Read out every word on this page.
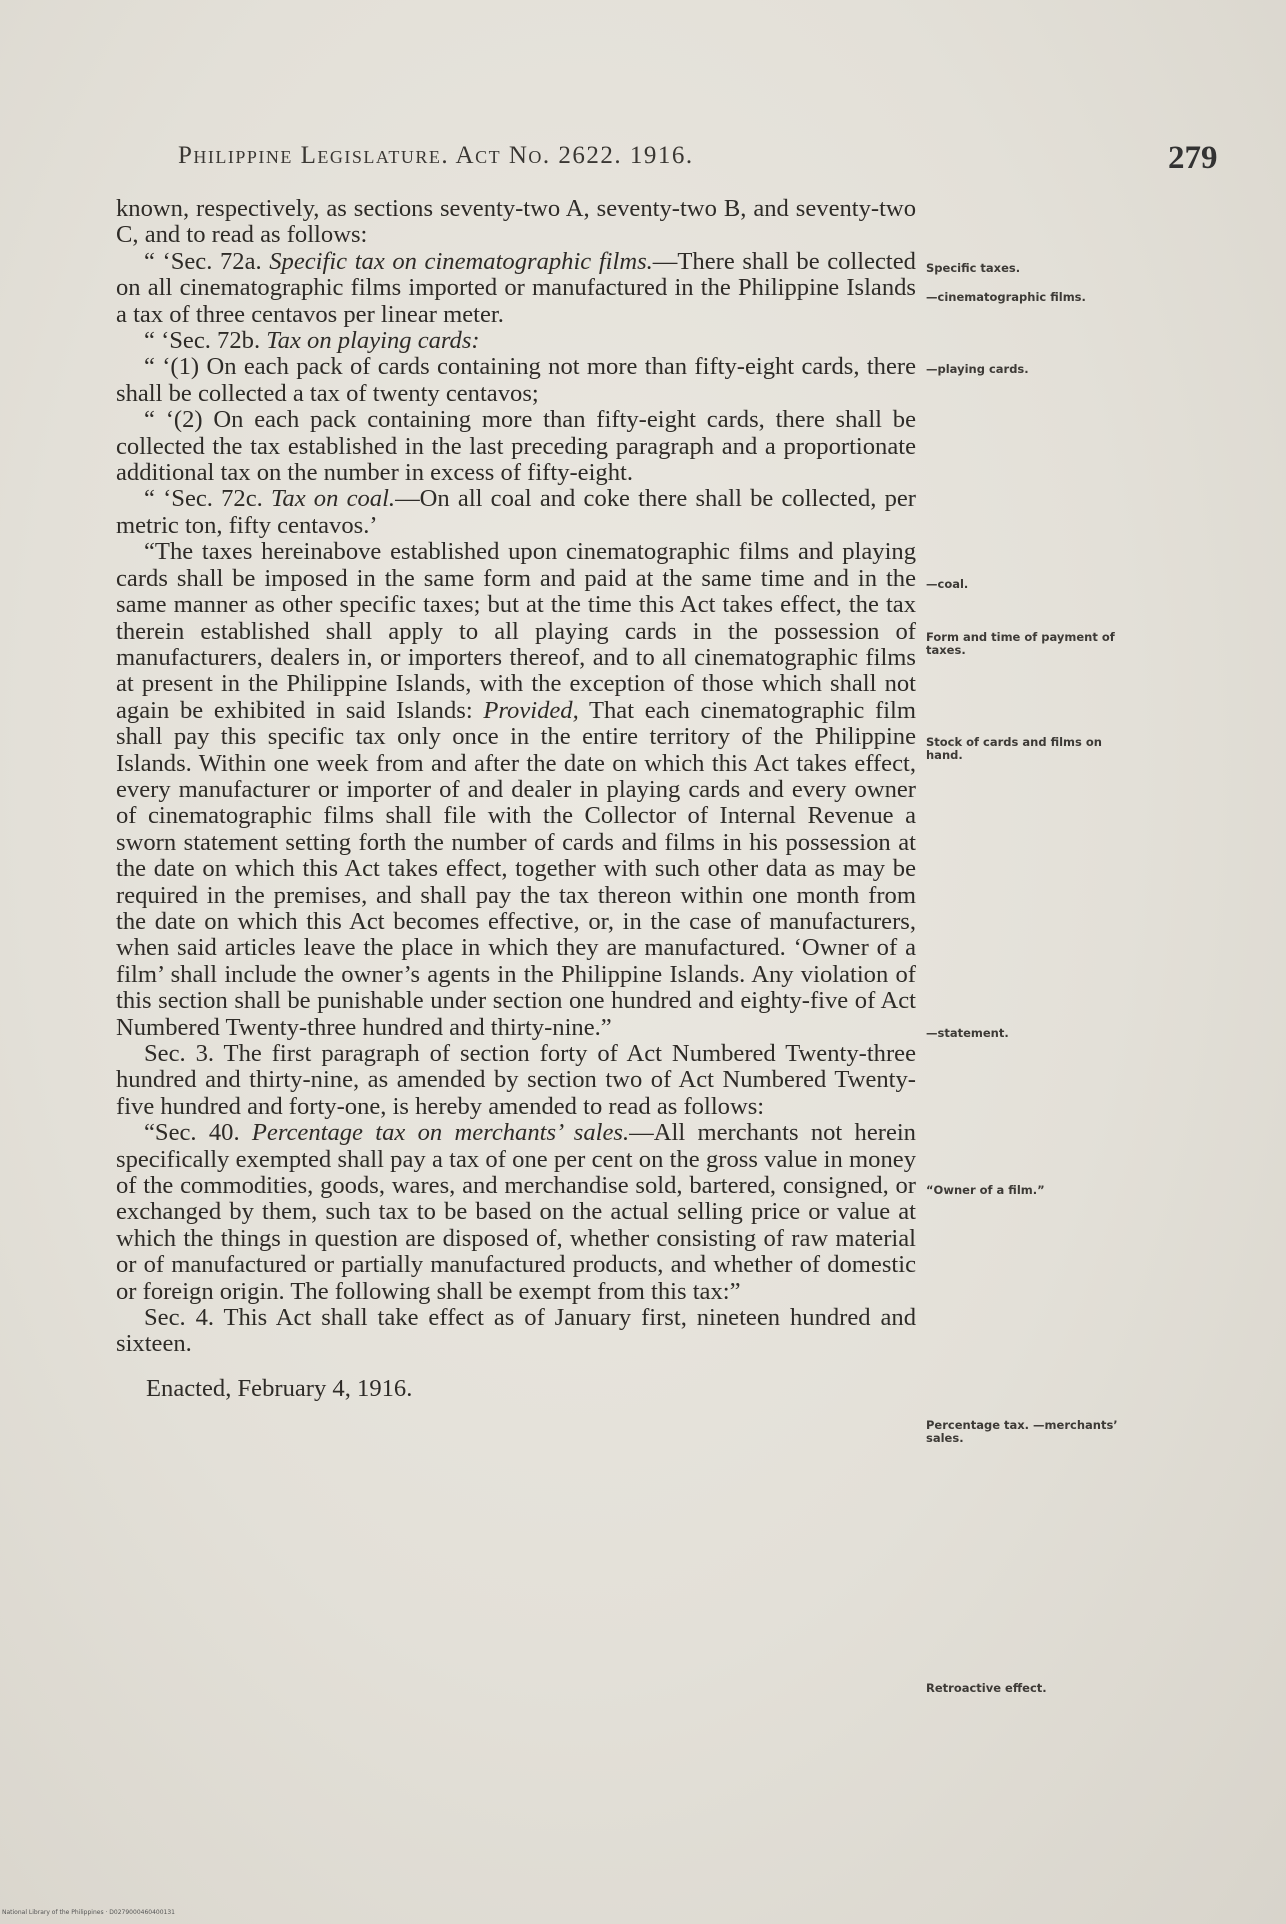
Philippine Legislature. Act No. 2622. 1916.	279

known, respectively, as sections seventy-two A, seventy-two B, and seventy-two C, and to read as follows:

“ ‘Sec. 72a. Specific tax on cinematographic films.—There shall be collected on all cinematographic films imported or manufactured in the Philippine Islands a tax of three centavos per linear meter.

“ ‘Sec. 72b. Tax on playing cards:

“ ‘(1) On each pack of cards containing not more than fifty-eight cards, there shall be collected a tax of twenty centavos;

“ ‘(2) On each pack containing more than fifty-eight cards, there shall be collected the tax established in the last preceding paragraph and a proportionate additional tax on the number in excess of fifty-eight.

“ ‘Sec. 72c. Tax on coal.—On all coal and coke there shall be collected, per metric ton, fifty centavos.’

“The taxes hereinabove established upon cinematographic films and playing cards shall be imposed in the same form and paid at the same time and in the same manner as other specific taxes; but at the time this Act takes effect, the tax therein established shall apply to all playing cards in the possession of manufacturers, dealers in, or importers thereof, and to all cinematographic films at present in the Philippine Islands, with the exception of those which shall not again be exhibited in said Islands: Provided, That each cinematographic film shall pay this specific tax only once in the entire territory of the Philippine Islands. Within one week from and after the date on which this Act takes effect, every manufacturer or importer of and dealer in playing cards and every owner of cinematographic films shall file with the Collector of Internal Revenue a sworn statement setting forth the number of cards and films in his possession at the date on which this Act takes effect, together with such other data as may be required in the premises, and shall pay the tax thereon within one month from the date on which this Act becomes effective, or, in the case of manufacturers, when said articles leave the place in which they are manufactured. ‘Owner of a film’ shall include the owner’s agents in the Philippine Islands. Any violation of this section shall be punishable under section one hundred and eighty-five of Act Numbered Twenty-three hundred and thirty-nine.”

Sec. 3. The first paragraph of section forty of Act Numbered Twenty-three hundred and thirty-nine, as amended by section two of Act Numbered Twenty-five hundred and forty-one, is hereby amended to read as follows:

“Sec. 40. Percentage tax on merchants’ sales.—All merchants not herein specifically exempted shall pay a tax of one per cent on the gross value in money of the commodities, goods, wares, and merchandise sold, bartered, consigned, or exchanged by them, such tax to be based on the actual selling price or value at which the things in question are disposed of, whether consisting of raw material or of manufactured or partially manufactured products, and whether of domestic or foreign origin. The following shall be exempt from this tax:”

Sec. 4. This Act shall take effect as of January first, nineteen hundred and sixteen.

Enacted, February 4, 1916.

Specific taxes.
—cinematographic films.
—playing cards.
—coal.
Form and time of payment of taxes.
Stock of cards and films on hand.
—statement.
“Owner of a film.”
Percentage tax. —merchants’ sales.
Retroactive effect.
National Library of the Philippines · D0279000460400131
